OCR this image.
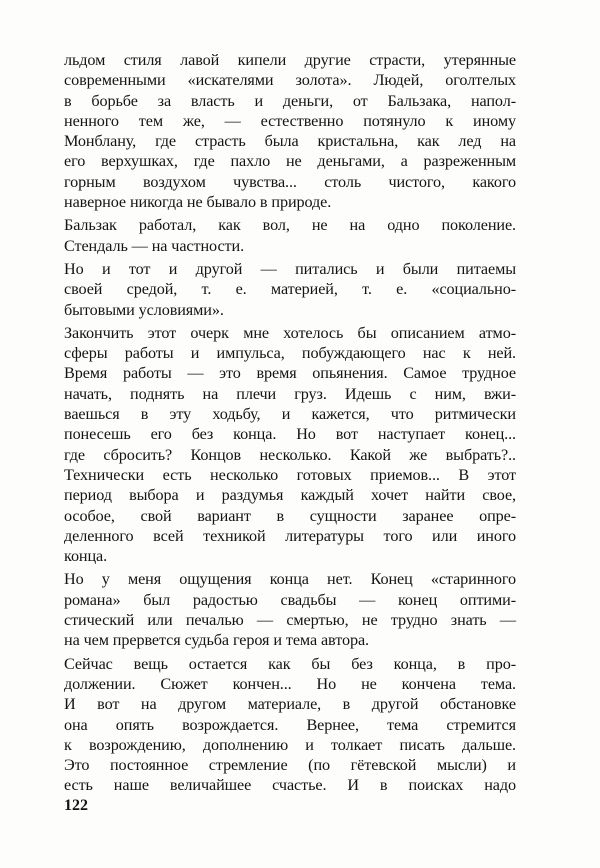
льдом стиля лавой кипели другие страсти, утерянные
современными «искателями золота». Людей, оголтелых
в борьбе за власть и деньги, от Бальзака, напол-
ненного тем же, — естественно потянуло к иному
Монблану, где страсть была кристальна, как лед на
его верхушках, где пахло не деньгами, а разреженным
горным воздухом чувства... столь чистого, какого
наверное никогда не бывало в природе.
Бальзак работал, как вол, не на одно поколение.
Стендаль — на частности.
Но и тот и другой — питались и были питаемы
своей средой, т. е. материей, т. е. «социально-
бытовыми условиями».
Закончить этот очерк мне хотелось бы описанием атмо-
сферы работы и импульса, побуждающего нас к ней.
Время работы — это время опьянения. Самое трудное
начать, поднять на плечи груз. Идешь с ним, вжи-
ваешься в эту ходьбу, и кажется, что ритмически
понесешь его без конца. Но вот наступает конец...
где сбросить? Концов несколько. Какой же выбрать?..
Технически есть несколько готовых приемов... В этот
период выбора и раздумья каждый хочет найти свое,
особое, свой вариант в сущности заранее опре-
деленного всей техникой литературы того или иного
конца.
Но у меня ощущения конца нет. Конец «старинного
романа» был радостью свадьбы — конец оптими-
стический или печалью — смертью, не трудно знать —
на чем прервется судьба героя и тема автора.
Сейчас вещь остается как бы без конца, в про-
должении. Сюжет кончен... Но не кончена тема.
И вот на другом материале, в другой обстановке
она опять возрождается. Вернее, тема стремится
к возрождению, дополнению и толкает писать дальше.
Это постоянное стремление (по гётевской мысли) и
есть наше величайшее счастье. И в поисках надо
122
